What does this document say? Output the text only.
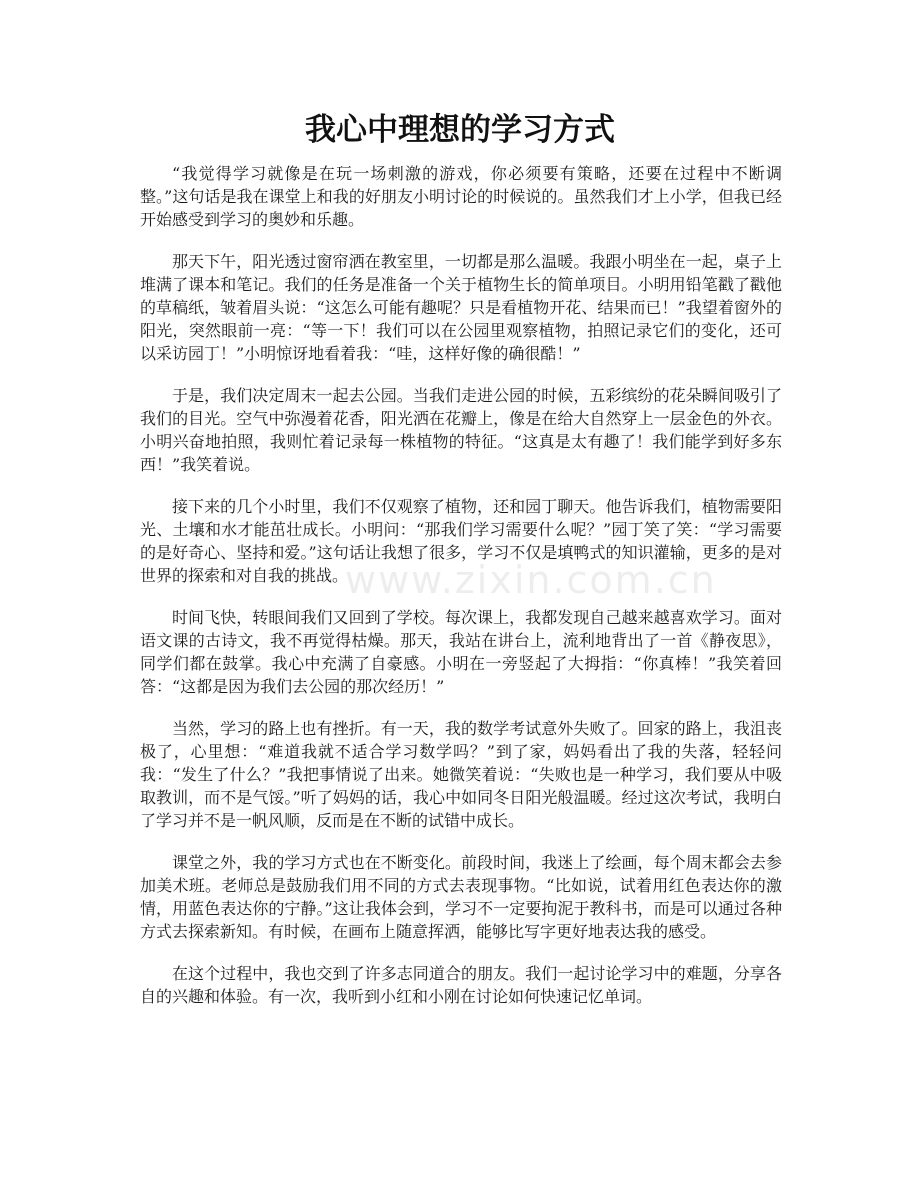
我心中理想的学习方式

“我觉得学习就像是在玩一场刺激的游戏，你必须要有策略，还要在过程中不断调整。”这句话是我在课堂上和我的好朋友小明讨论的时候说的。虽然我们才上小学，但我已经开始感受到学习的奥妙和乐趣。

那天下午，阳光透过窗帘洒在教室里，一切都是那么温暖。我跟小明坐在一起，桌子上堆满了课本和笔记。我们的任务是准备一个关于植物生长的简单项目。小明用铅笔戳了戳他的草稿纸，皱着眉头说：“这怎么可能有趣呢？只是看植物开花、结果而已！”我望着窗外的阳光，突然眼前一亮：“等一下！我们可以在公园里观察植物，拍照记录它们的变化，还可以采访园丁！”小明惊讶地看着我：“哇，这样好像的确很酷！”

于是，我们决定周末一起去公园。当我们走进公园的时候，五彩缤纷的花朵瞬间吸引了我们的目光。空气中弥漫着花香，阳光洒在花瓣上，像是在给大自然穿上一层金色的外衣。小明兴奋地拍照，我则忙着记录每一株植物的特征。“这真是太有趣了！我们能学到好多东西！”我笑着说。

接下来的几个小时里，我们不仅观察了植物，还和园丁聊天。他告诉我们，植物需要阳光、土壤和水才能茁壮成长。小明问：“那我们学习需要什么呢？”园丁笑了笑：“学习需要的是好奇心、坚持和爱。”这句话让我想了很多，学习不仅是填鸭式的知识灌输，更多的是对世界的探索和对自我的挑战。

时间飞快，转眼间我们又回到了学校。每次课上，我都发现自己越来越喜欢学习。面对语文课的古诗文，我不再觉得枯燥。那天，我站在讲台上，流利地背出了一首《静夜思》，同学们都在鼓掌。我心中充满了自豪感。小明在一旁竖起了大拇指：“你真棒！”我笑着回答：“这都是因为我们去公园的那次经历！”

当然，学习的路上也有挫折。有一天，我的数学考试意外失败了。回家的路上，我沮丧极了，心里想：“难道我就不适合学习数学吗？”到了家，妈妈看出了我的失落，轻轻问我：“发生了什么？”我把事情说了出来。她微笑着说：“失败也是一种学习，我们要从中吸取教训，而不是气馁。”听了妈妈的话，我心中如同冬日阳光般温暖。经过这次考试，我明白了学习并不是一帆风顺，反而是在不断的试错中成长。

课堂之外，我的学习方式也在不断变化。前段时间，我迷上了绘画，每个周末都会去参加美术班。老师总是鼓励我们用不同的方式去表现事物。“比如说，试着用红色表达你的激情，用蓝色表达你的宁静。”这让我体会到，学习不一定要拘泥于教科书，而是可以通过各种方式去探索新知。有时候，在画布上随意挥洒，能够比写字更好地表达我的感受。

在这个过程中，我也交到了许多志同道合的朋友。我们一起讨论学习中的难题，分享各自的兴趣和体验。有一次，我听到小红和小刚在讨论如何快速记忆单词。

www.zixin.com.cn
